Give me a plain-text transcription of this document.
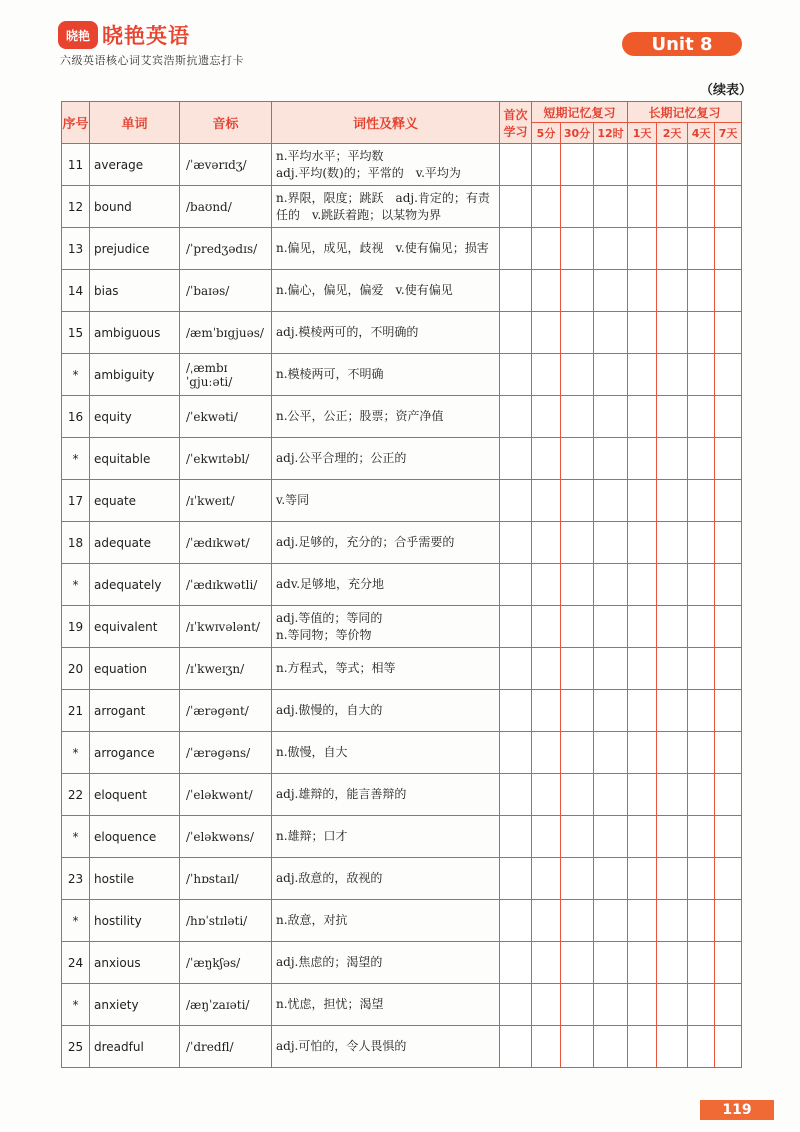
晓艳 晓艳英语
六级英语核心词艾宾浩斯抗遗忘打卡
Unit 8
（续表）
序号	单词	音标	词性及释义	首次学习	短期记忆复习			长期记忆复习			
					5分	30分	12时	1天	2天	4天	7天
11	average	/ˈævərɪdʒ/	n.平均水平；平均数
adj.平均(数)的；平常的　v.平均为								

12	bound	/baʊnd/	n.界限，限度；跳跃　adj.肯定的；有责
任的　v.跳跃着跑；以某物为界								

13	prejudice	/ˈpredʒədɪs/	n.偏见，成见，歧视　v.使有偏见；损害								

14	bias	/ˈbaɪəs/	n.偏心，偏见，偏爱　v.使有偏见								

15	ambiguous	/æmˈbɪgjuəs/	adj.模棱两可的，不明确的								

*	ambiguity	/ˌæmbɪˈgjuːəti/	n.模棱两可，不明确								

16	equity	/ˈekwəti/	n.公平，公正；股票；资产净值								

*	equitable	/ˈekwɪtəbl/	adj.公平合理的；公正的								

17	equate	/ɪˈkweɪt/	v.等同								

18	adequate	/ˈædɪkwət/	adj.足够的，充分的；合乎需要的								

*	adequately	/ˈædɪkwətli/	adv.足够地，充分地								

19	equivalent	/ɪˈkwɪvələnt/	adj.等值的；等同的
n.等同物；等价物								

20	equation	/ɪˈkweɪʒn/	n.方程式，等式；相等								

21	arrogant	/ˈærəgənt/	adj.傲慢的，自大的								

*	arrogance	/ˈærəgəns/	n.傲慢，自大								

22	eloquent	/ˈeləkwənt/	adj.雄辩的，能言善辩的								

*	eloquence	/ˈeləkwəns/	n.雄辩；口才								

23	hostile	/ˈhɒstaɪl/	adj.敌意的，敌视的								

*	hostility	/hɒˈstɪləti/	n.敌意，对抗								

24	anxious	/ˈæŋkʃəs/	adj.焦虑的；渴望的								

*	anxiety	/æŋˈzaɪəti/	n.忧虑，担忧；渴望								

25	dreadful	/ˈdredfl/	adj.可怕的，令人畏惧的								

119
